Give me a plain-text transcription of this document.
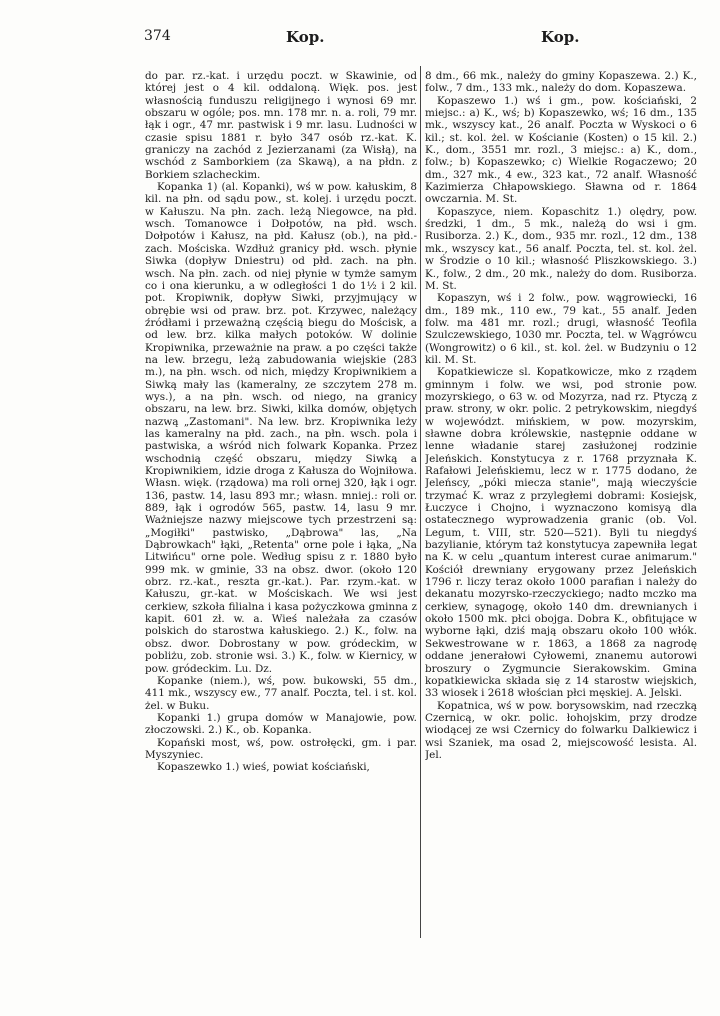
374	Kop.	Kop.

do par. rz.-kat. i urzędu poczt. w Skawinie, od której jest o 4 kil. oddaloną. Więk. pos. jest własnością funduszu religijnego i wynosi 69 mr. obszaru w ogóle; pos. mn. 178 mr. n. a. roli, 79 mr. łąk i ogr., 47 mr. pastwisk i 9 mr. lasu. Ludności w czasie spisu 1881 r. było 347 osób rz.-kat. K. graniczy na zachód z Jezierzanami (za Wisłą), na wschód z Samborkiem (za Skawą), a na płdn. z Borkiem szlacheckim.

Kopanka 1) (al. Kopanki), wś w pow. kałuskim, 8 kil. na płn. od sądu pow., st. kolej. i urzędu poczt. w Kałuszu. Na płn. zach. leżą Niegowce, na płd. wsch. Tomanowce i Dołpotów, na płd. wsch. Dołpotów i Kałusz, na płd. Kałusz (ob.), na płd.-zach. Mościska. Wzdłuż granicy płd. wsch. płynie Siwka (dopływ Dniestru) od płd. zach. na płn. wsch. Na płn. zach. od niej płynie w tymże samym co i ona kierunku, a w odległości 1 do 1½ i 2 kil. pot. Kropiwnik, dopływ Siwki, przyjmujący w obrębie wsi od praw. brz. pot. Krzywec, należący źródłami i przeważną częścią biegu do Mościsk, a od lew. brz. kilka małych potoków. W dolinie Kropiwnika, przeważnie na praw. a po części także na lew. brzegu, leżą zabudowania wiejskie (283 m.), na płn. wsch. od nich, między Kropiwnikiem a Siwką mały las (kameralny, ze szczytem 278 m. wys.), a na płn. wsch. od niego, na granicy obszaru, na lew. brz. Siwki, kilka domów, objętych nazwą „Zastomani". Na lew. brz. Kropiwnika leży las kameralny na płd. zach., na płn. wsch. pola i pastwiska, a wśród nich folwark Kopanka. Przez wschodnią część obszaru, między Siwką a Kropiwnikiem, idzie droga z Kałusza do Wojniłowa. Własn. więk. (rządowa) ma roli ornej 320, łąk i ogr. 136, pastw. 14, lasu 893 mr.; własn. mniej.: roli or. 889, łąk i ogrodów 565, pastw. 14, lasu 9 mr. Ważniejsze nazwy miejscowe tych przestrzeni są: „Mogiłki" pastwisko, „Dąbrowa" las, „Na Dąbrowkach" łąki, „Retenta" orne pole i łąka, „Na Litwińcu" orne pole. Według spisu z r. 1880 było 999 mk. w gminie, 33 na obsz. dwor. (około 120 obrz. rz.-kat., reszta gr.-kat.). Par. rzym.-kat. w Kałuszu, gr.-kat. w Mościskach. We wsi jest cerkiew, szkoła filialna i kasa pożyczkowa gminna z kapit. 601 zł. w. a. Wieś należała za czasów polskich do starostwa kałuskiego. 2.) K., folw. na obsz. dwor. Dobrostany w pow. gródeckim, w pobliżu, zob. stronie wsi. 3.) K., folw. w Kiernicy, w pow. gródeckim. Lu. Dz.

Kopanke (niem.), wś, pow. bukowski, 55 dm., 411 mk., wszyscy ew., 77 analf. Poczta, tel. i st. kol. żel. w Buku.

Kopanki 1.) grupa domów w Manajowie, pow. złoczowski. 2.) K., ob. Kopanka.

Kopański most, wś, pow. ostrołęcki, gm. i par. Myszyniec.

Kopaszewko 1.) wieś, powiat kościański,

8 dm., 66 mk., należy do gminy Kopaszewa. 2.) K., folw., 7 dm., 133 mk., należy do dom. Kopaszewa.

Kopaszewo 1.) wś i gm., pow. kościański, 2 miejsc.: a) K., wś; b) Kopaszewko, wś; 16 dm., 135 mk., wszyscy kat., 26 analf. Poczta w Wyskoci o 6 kil.; st. kol. żel. w Kościanie (Kosten) o 15 kil. 2.) K., dom., 3551 mr. rozl., 3 miejsc.: a) K., dom., folw.; b) Kopaszewko; c) Wielkie Rogaczewo; 20 dm., 327 mk., 4 ew., 323 kat., 72 analf. Własność Kazimierza Chłapowskiego. Sławna od r. 1864 owczarnia. M. St.

Kopaszyce, niem. Kopaschitz 1.) olędry, pow. średzki, 1 dm., 5 mk., należą do wsi i gm. Rusiborza. 2.) K., dom., 935 mr. rozl., 12 dm., 138 mk., wszyscy kat., 56 analf. Poczta, tel. st. kol. żel. w Środzie o 10 kil.; własność Pliszkowskiego. 3.) K., folw., 2 dm., 20 mk., należy do dom. Rusiborza. M. St.

Kopaszyn, wś i 2 folw., pow. wągrowiecki, 16 dm., 189 mk., 110 ew., 79 kat., 55 analf. Jeden folw. ma 481 mr. rozl.; drugi, własność Teofila Szulczewskiego, 1030 mr. Poczta, tel. w Wągrówcu (Wongrowitz) o 6 kil., st. kol. żel. w Budzyniu o 12 kil. M. St.

Kopatkiewicze sl. Kopatkowicze, mko z rządem gminnym i folw. we wsi, pod stronie pow. mozyrskiego, o 63 w. od Mozyrza, nad rz. Ptyczą z praw. strony, w okr. polic. 2 petrykowskim, niegdyś w województ. mińskiem, w pow. mozyrskim, sławne dobra królewskie, następnie oddane w lenne władanie starej zasłużonej rodzinie Jeleńskich. Konstytucya z r. 1768 przyznała K. Rafałowi Jeleńskiemu, lecz w r. 1775 dodano, że Jeleńscy, „póki miecza stanie", mają wieczyście trzymać K. wraz z przyległemi dobrami: Kosiejsk, Łuczyce i Chojno, i wyznaczono komisyą dla ostatecznego wyprowadzenia granic (ob. Vol. Legum, t. VIII, str. 520—521). Byli tu niegdyś bazylianie, którym taż konstytucya zapewniła legat na K. w celu „quantum interest curae animarum." Kościół drewniany erygowany przez Jeleńskich 1796 r. liczy teraz około 1000 parafian i należy do dekanatu mozyrsko-rzeczyckiego; nadto mczko ma cerkiew, synagogę, około 140 dm. drewnianych i około 1500 mk. płci obojga. Dobra K., obfitujące w wyborne łąki, dziś mają obszaru około 100 włók. Sekwestrowane w r. 1863, a 1868 za nagrodę oddane jenerałowi Cyłowemi, znanemu autorowi broszury o Zygmuncie Sierakowskim. Gmina kopatkiewicka składa się z 14 starostw wiejskich, 33 wiosek i 2618 włościan płci męskiej. A. Jelski.

Kopatnica, wś w pow. borysowskim, nad rzeczką Czernicą, w okr. polic. łohojskim, przy drodze wiodącej ze wsi Czernicy do folwarku Dalkiewicz i wsi Szaniek, ma osad 2, miejscowość lesista. Al. Jel.
